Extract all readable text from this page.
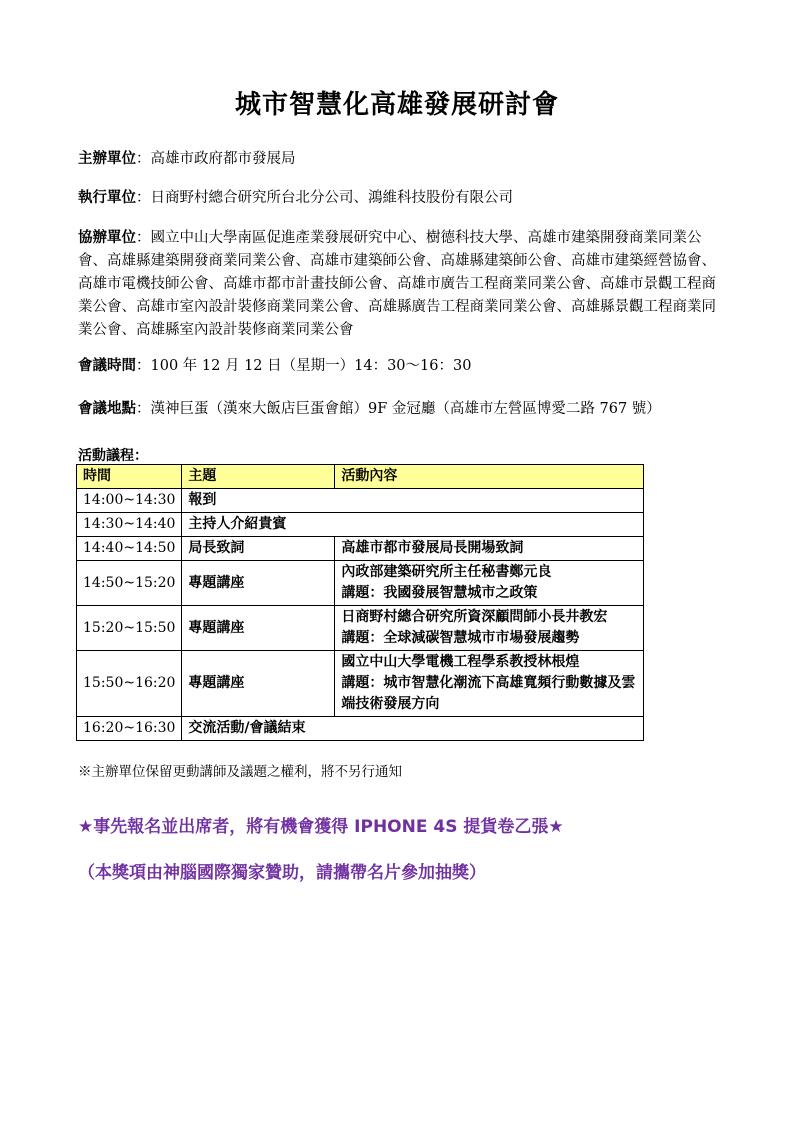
城市智慧化高雄發展研討會
主辦單位：高雄市政府都市發展局
執行單位：日商野村總合研究所台北分公司、鴻維科技股份有限公司
協辦單位：國立中山大學南區促進產業發展研究中心、樹德科技大學、高雄市建築開發商業同業公會、高雄縣建築開發商業同業公會、高雄市建築師公會、高雄縣建築師公會、高雄市建築經營協會、高雄市電機技師公會、高雄市都市計畫技師公會、高雄市廣告工程商業同業公會、高雄市景觀工程商業公會、高雄市室內設計裝修商業同業公會、高雄縣廣告工程商業同業公會、高雄縣景觀工程商業同業公會、高雄縣室內設計裝修商業同業公會
會議時間：100 年 12 月 12 日（星期一）14：30～16：30
會議地點：漢神巨蛋（漢來大飯店巨蛋會館）9F 金冠廳（高雄市左營區博愛二路 767 號）
活動議程：
時間	主題	活動內容
14:00~14:30	報到	
14:30~14:40	主持人介紹貴賓	
14:40~14:50	局長致詞	高雄市都市發展局長開場致詞
14:50~15:20	專題講座	內政部建築研究所主任秘書鄭元良
講題：我國發展智慧城市之政策

15:20~15:50	專題講座	日商野村總合研究所資深顧問師小長井教宏
講題：全球減碳智慧城市市場發展趨勢

15:50~16:20	專題講座	國立中山大學電機工程學系教授林根煌
講題：城市智慧化潮流下高雄寬頻行動數據及雲端技術發展方向

16:20~16:30	交流活動/會議結束	
※主辦單位保留更動講師及議題之權利，將不另行通知
★事先報名並出席者，將有機會獲得 IPHONE 4S 提貨卷乙張★
（本獎項由神腦國際獨家贊助，請攜帶名片參加抽獎）
